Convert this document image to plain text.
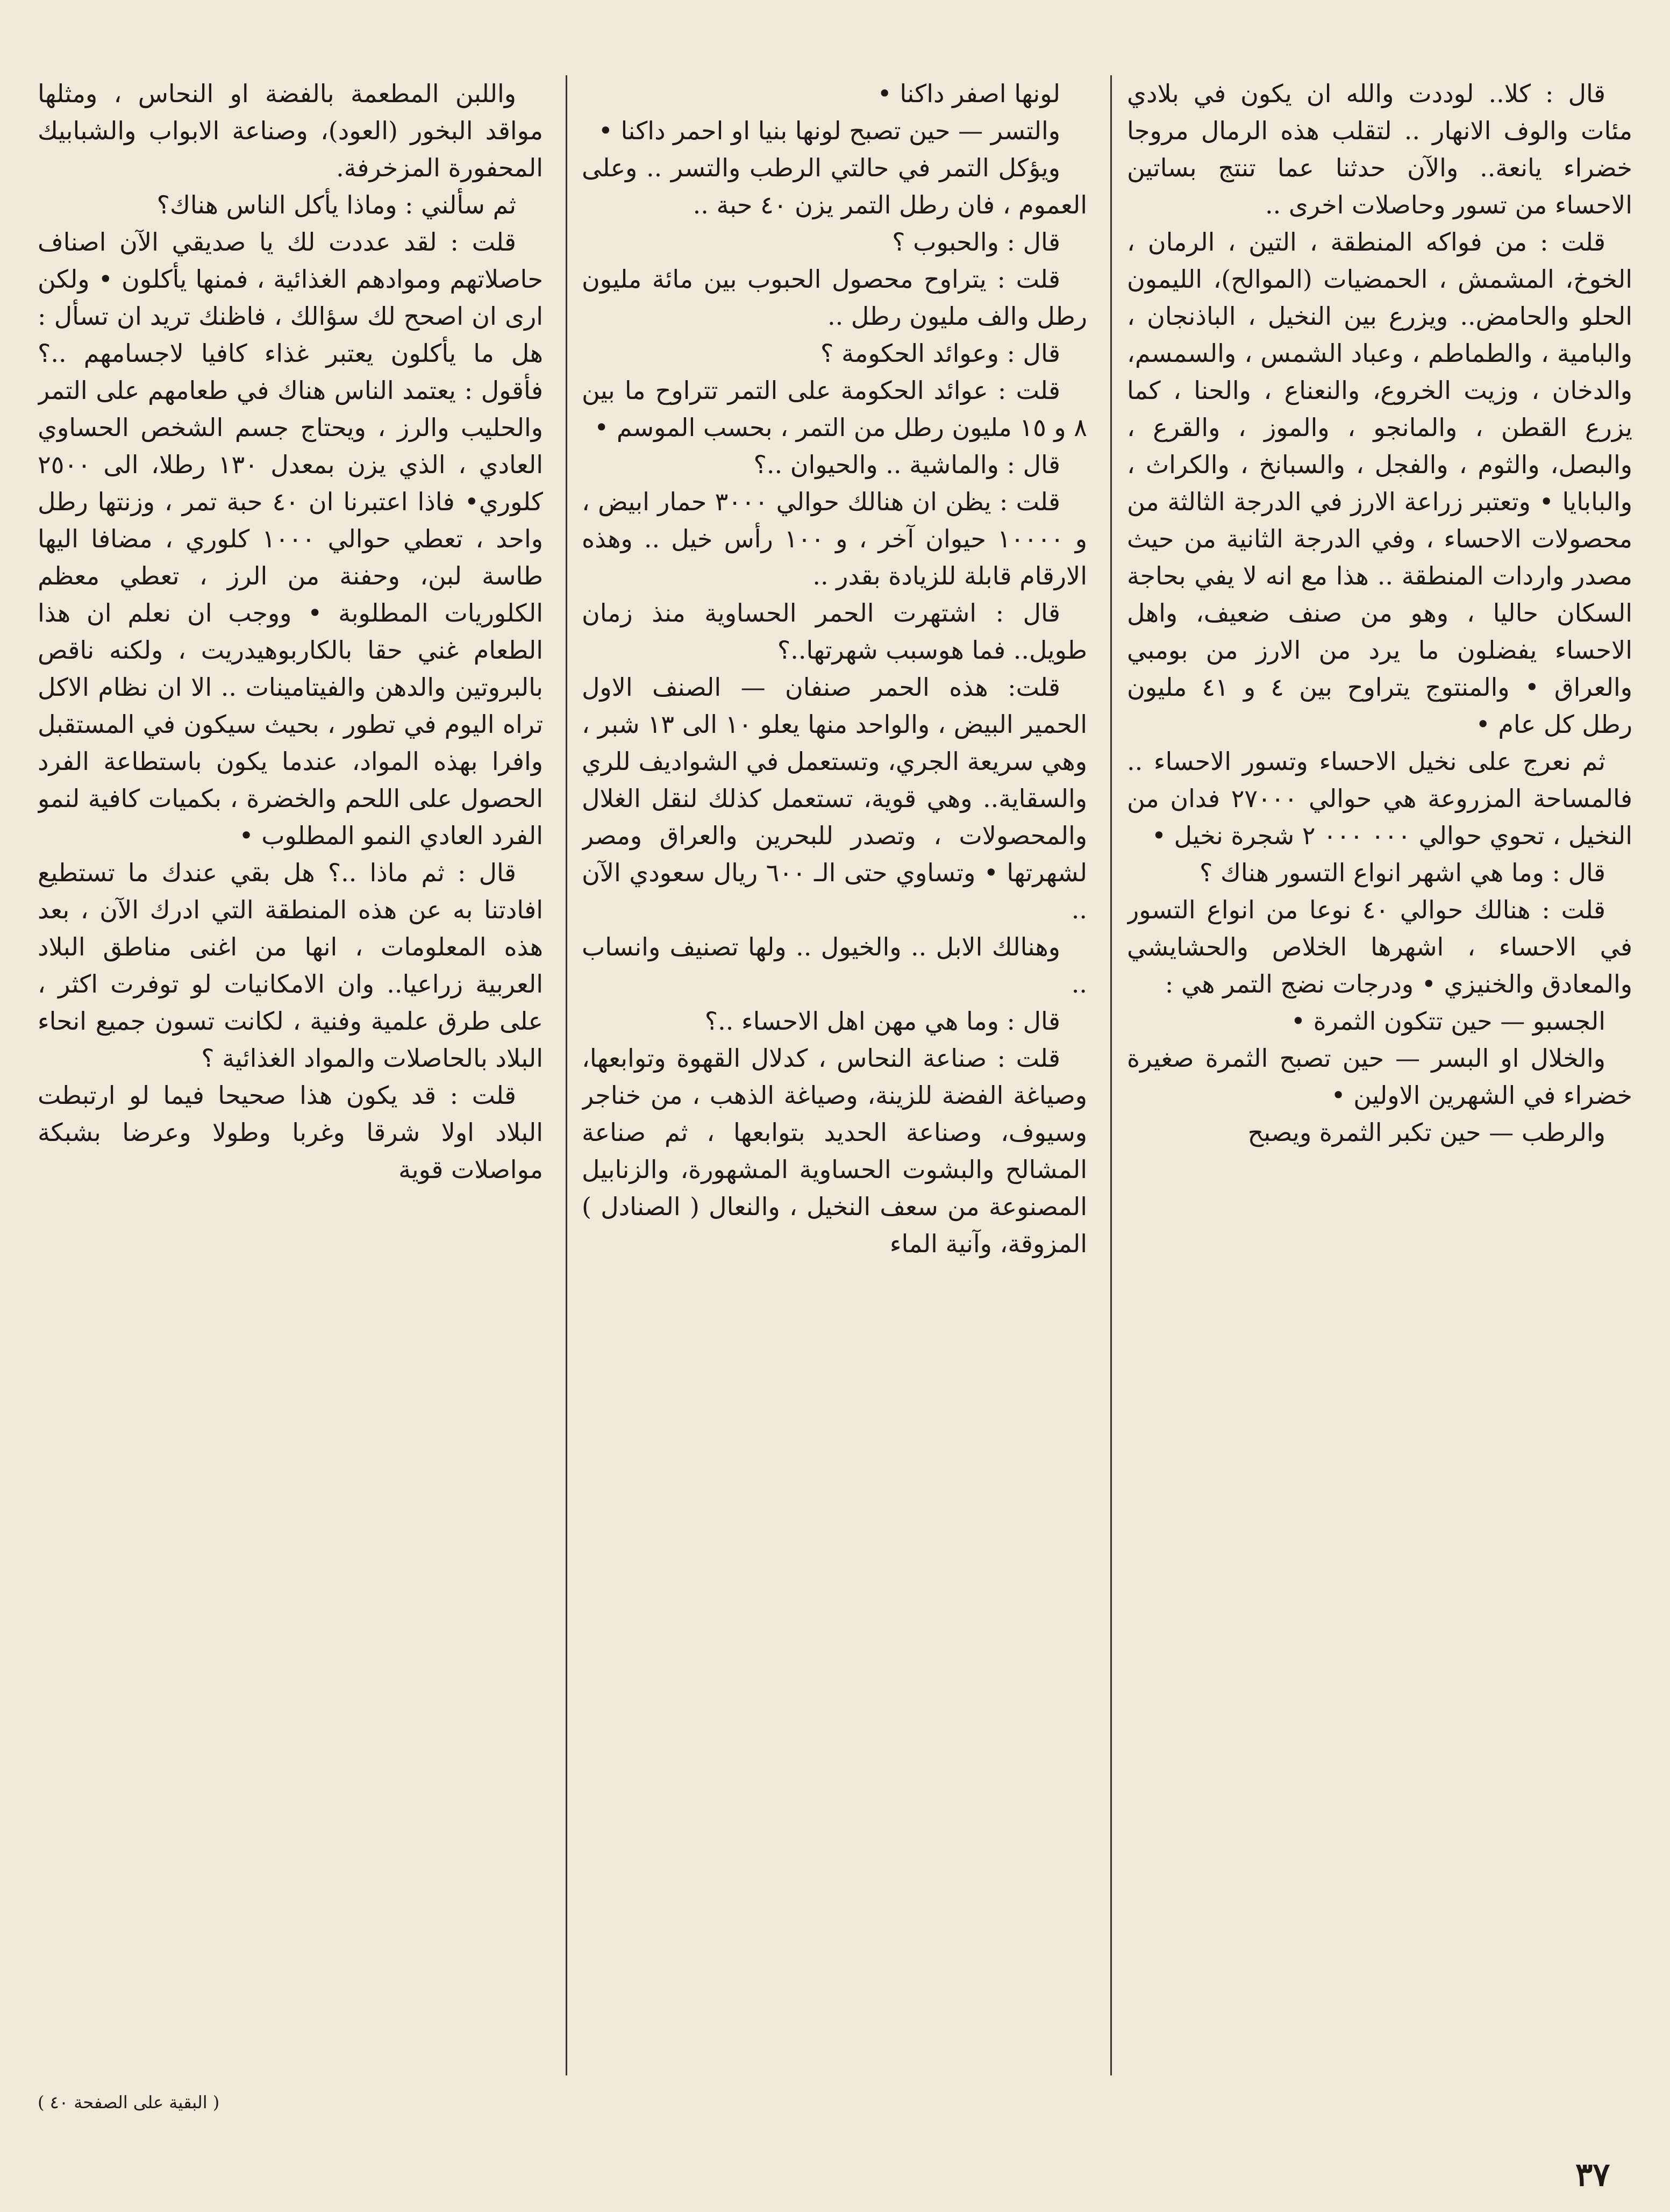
قال : كلا.. لوددت والله ان يكون في بلادي مئات والوف الانهار .. لتقلب هذه الرمال مروجا خضراء يانعة.. والآن حدثنا عما تنتج بساتين الاحساء من تسور وحاصلات اخرى ..

قلت : من فواكه المنطقة ، التين ، الرمان ، الخوخ، المشمش ، الحمضيات (الموالح)، الليمون الحلو والحامض.. ويزرع بين النخيل ، الباذنجان ، والبامية ، والطماطم ، وعباد الشمس ، والسمسم، والدخان ، وزيت الخروع، والنعناع ، والحنا ، كما يزرع القطن ، والمانجو ، والموز ، والقرع ، والبصل، والثوم ، والفجل ، والسبانخ ، والكراث ، والبابايا • وتعتبر زراعة الارز في الدرجة الثالثة من محصولات الاحساء ، وفي الدرجة الثانية من حيث مصدر واردات المنطقة .. هذا مع انه لا يفي بحاجة السكان حاليا ، وهو من صنف ضعيف، واهل الاحساء يفضلون ما يرد من الارز من بومبي والعراق • والمنتوج يتراوح بين ٤ و ٤١ مليون رطل كل عام •

ثم نعرج على نخيل الاحساء وتسور الاحساء .. فالمساحة المزروعة هي حوالي ٢٧٠٠٠ فدان من النخيل ، تحوي حوالي ٠٠٠ ٠٠٠ ٢ شجرة نخيل •

قال : وما هي اشهر انواع التسور هناك ؟

قلت : هنالك حوالي ٤٠ نوعا من انواع التسور في الاحساء ، اشهرها الخلاص والحشايشي والمعادق والخنيزي • ودرجات نضج التمر هي :

الجسبو — حين تتكون الثمرة •

والخلال او البسر — حين تصبح الثمرة صغيرة خضراء في الشهرين الاولين •

والرطب — حين تكبر الثمرة ويصبح

لونها اصفر داكنا •

والتسر — حين تصبح لونها بنيا او احمر داكنا •

ويؤكل التمر في حالتي الرطب والتسر .. وعلى العموم ، فان رطل التمر يزن ٤٠ حبة ..

قال : والحبوب ؟

قلت : يتراوح محصول الحبوب بين مائة مليون رطل والف مليون رطل ..

قال : وعوائد الحكومة ؟

قلت : عوائد الحكومة على التمر تتراوح ما بين ٨ و ١٥ مليون رطل من التمر ، بحسب الموسم •

قال : والماشية .. والحيوان ..؟

قلت : يظن ان هنالك حوالي ٣٠٠٠ حمار ابيض ، و ١٠٠٠٠ حيوان آخر ، و ١٠٠ رأس خيل .. وهذه الارقام قابلة للزيادة بقدر ..

قال : اشتهرت الحمر الحساوية منذ زمان طويل.. فما هوسبب شهرتها..؟

قلت: هذه الحمر صنفان — الصنف الاول الحمير البيض ، والواحد منها يعلو ١٠ الى ١٣ شبر ، وهي سريعة الجري، وتستعمل في الشواديف للري والسقاية.. وهي قوية، تستعمل كذلك لنقل الغلال والمحصولات ، وتصدر للبحرين والعراق ومصر لشهرتها • وتساوي حتى الـ ٦٠٠ ريال سعودي الآن ..

وهنالك الابل .. والخيول .. ولها تصنيف وانساب ..

قال : وما هي مهن اهل الاحساء ..؟

قلت : صناعة النحاس ، كدلال القهوة وتوابعها، وصياغة الفضة للزينة، وصياغة الذهب ، من خناجر وسيوف، وصناعة الحديد بتوابعها ، ثم صناعة المشالح والبشوت الحساوية المشهورة، والزنابيل المصنوعة من سعف النخيل ، والنعال ( الصنادل ) المزوقة، وآنية الماء

واللبن المطعمة بالفضة او النحاس ، ومثلها مواقد البخور (العود)، وصناعة الابواب والشبابيك المحفورة المزخرفة.

ثم سألني : وماذا يأكل الناس هناك؟

قلت : لقد عددت لك يا صديقي الآن اصناف حاصلاتهم وموادهم الغذائية ، فمنها يأكلون • ولكن ارى ان اصحح لك سؤالك ، فاظنك تريد ان تسأل : هل ما يأكلون يعتبر غذاء كافيا لاجسامهم ..؟ فأقول : يعتمد الناس هناك في طعامهم على التمر والحليب والرز ، ويحتاج جسم الشخص الحساوي العادي ، الذي يزن بمعدل ١٣٠ رطلا، الى ٢٥٠٠ كلوري• فاذا اعتبرنا ان ٤٠ حبة تمر ، وزنتها رطل واحد ، تعطي حوالي ١٠٠٠ كلوري ، مضافا اليها طاسة لبن، وحفنة من الرز ، تعطي معظم الكلوريات المطلوبة • ووجب ان نعلم ان هذا الطعام غني حقا بالكاربوهيدريت ، ولكنه ناقص بالبروتين والدهن والفيتامينات .. الا ان نظام الاكل تراه اليوم في تطور ، بحيث سيكون في المستقبل وافرا بهذه المواد، عندما يكون باستطاعة الفرد الحصول على اللحم والخضرة ، بكميات كافية لنمو الفرد العادي النمو المطلوب •

قال : ثم ماذا ..؟ هل بقي عندك ما تستطيع افادتنا به عن هذه المنطقة التي ادرك الآن ، بعد هذه المعلومات ، انها من اغنى مناطق البلاد العربية زراعيا.. وان الامكانيات لو توفرت اكثر ، على طرق علمية وفنية ، لكانت تسون جميع انحاء البلاد بالحاصلات والمواد الغذائية ؟

قلت : قد يكون هذا صحيحا فيما لو ارتبطت البلاد اولا شرقا وغربا وطولا وعرضا بشبكة مواصلات قوية

( البقية على الصفحة ٤٠ )
٣٧
